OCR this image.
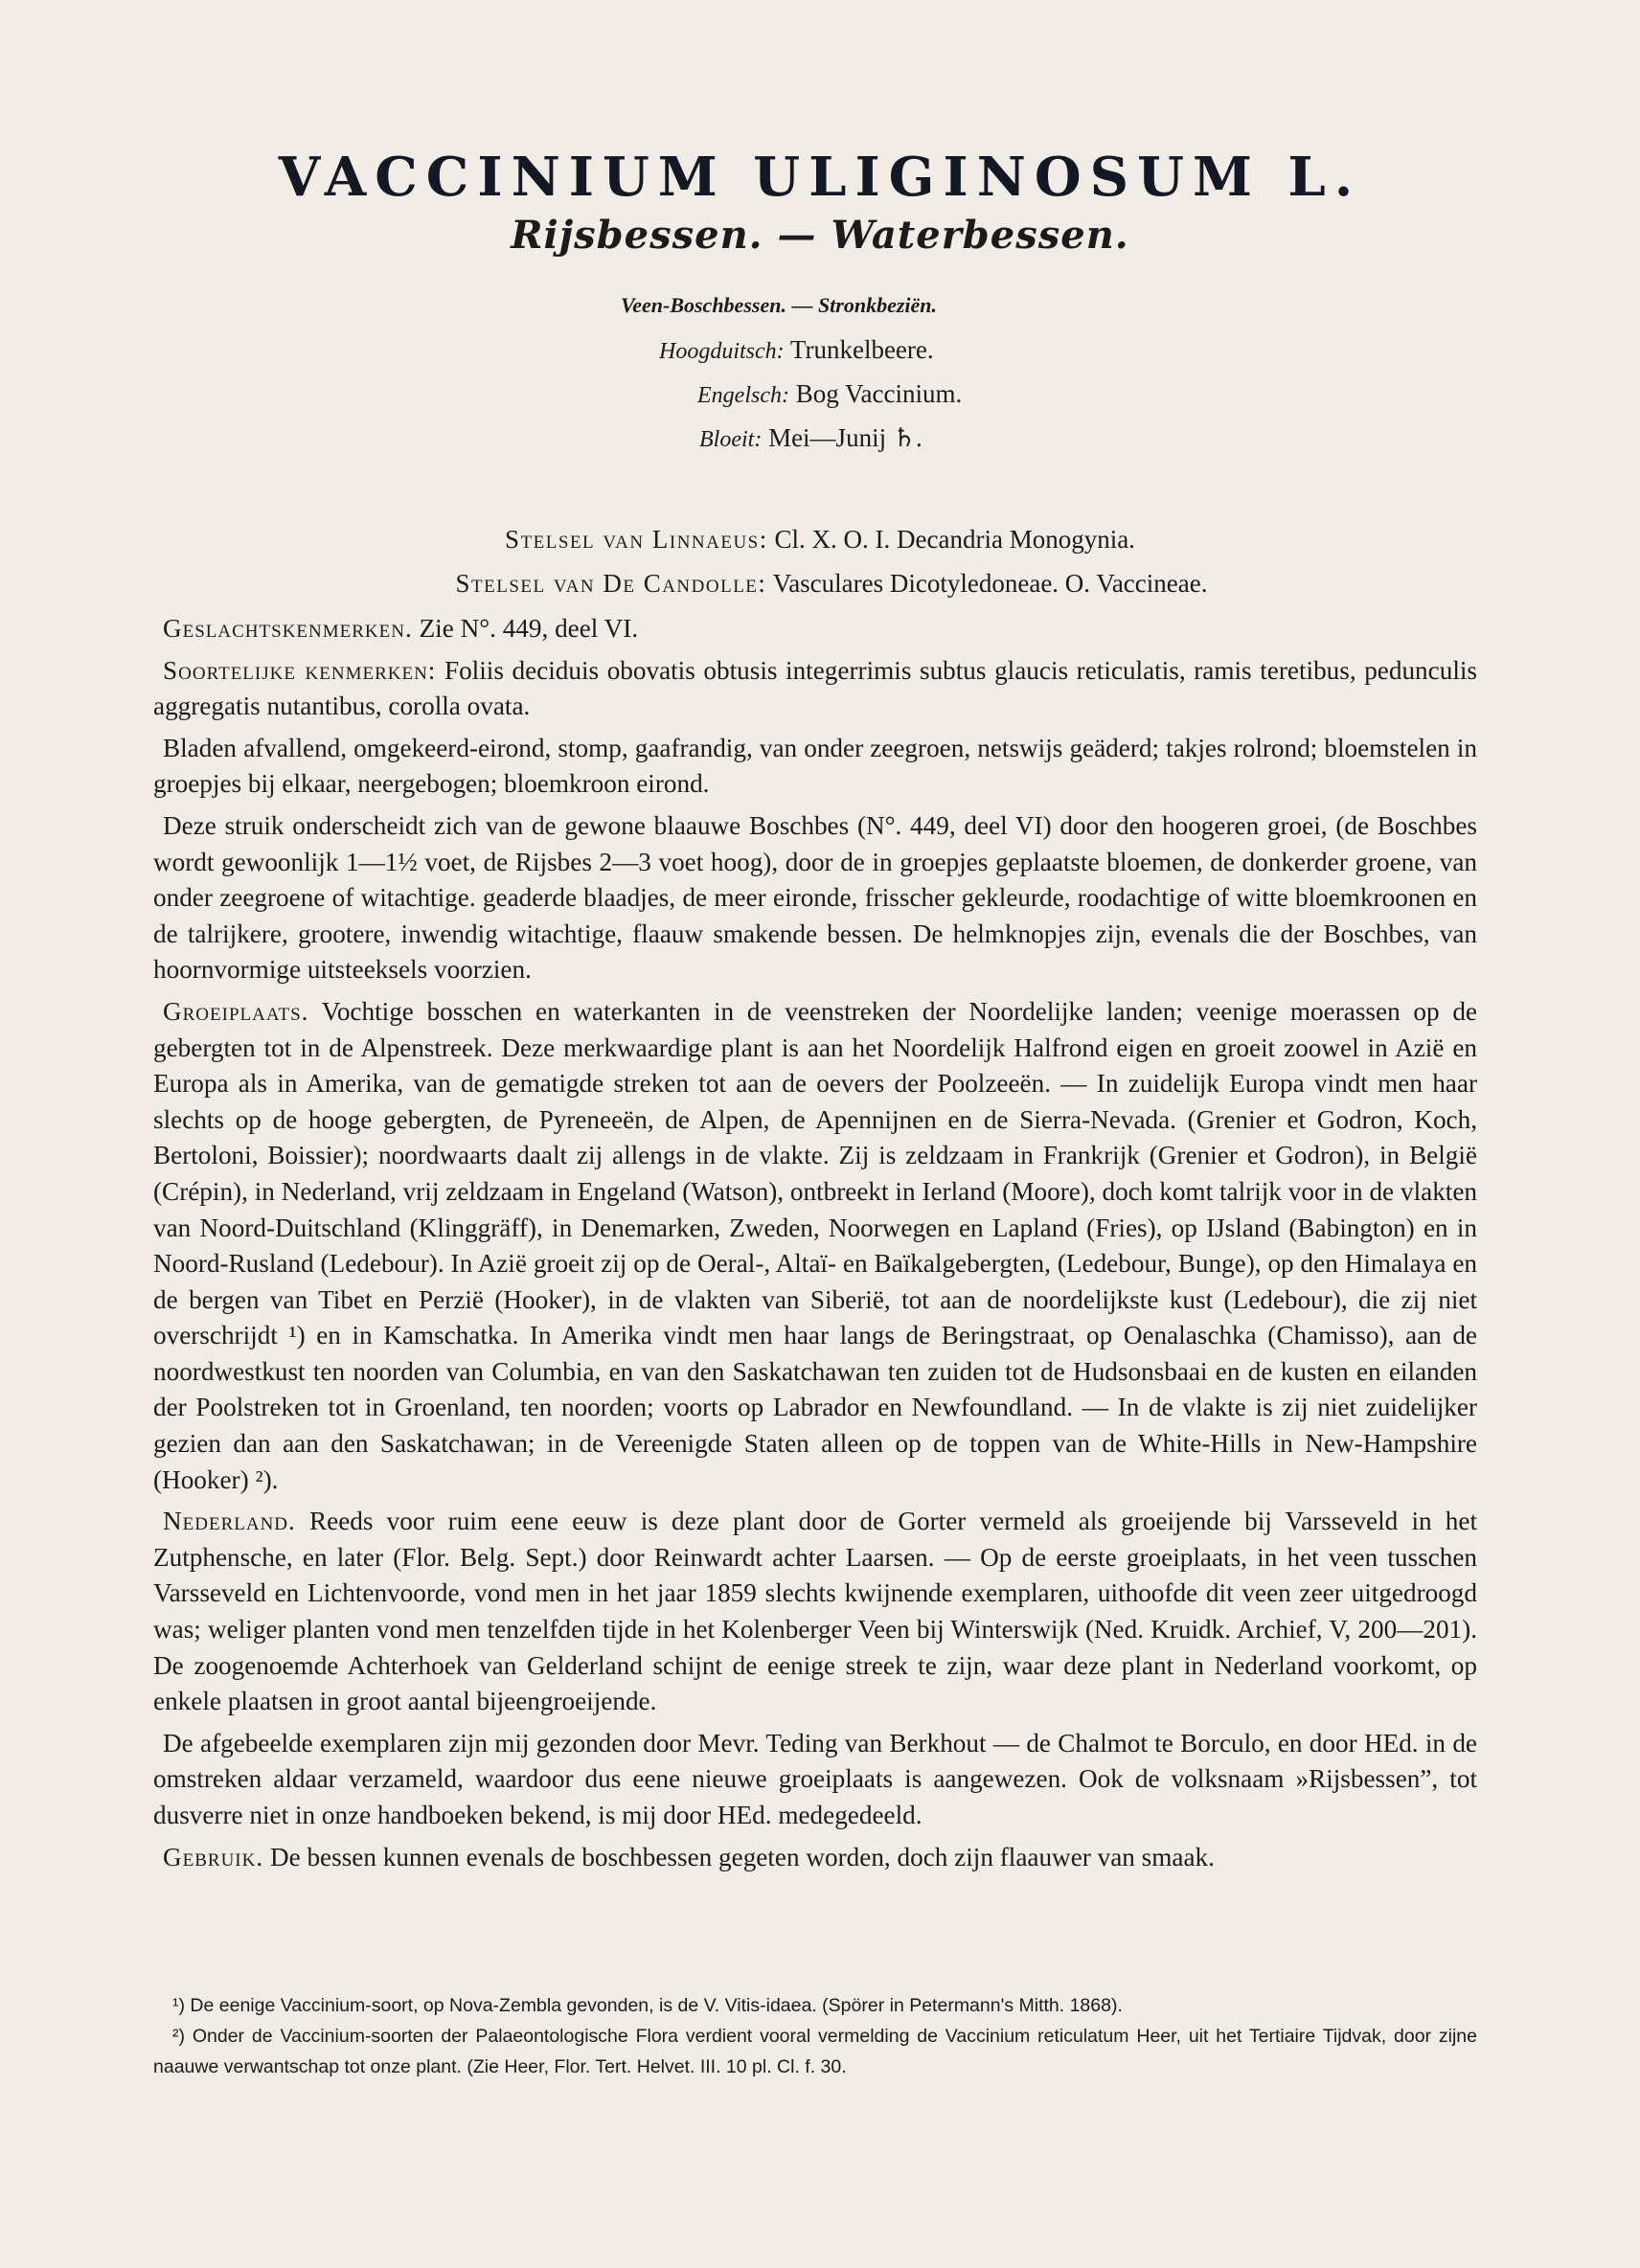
VACCINIUM ULIGINOSUM L.
Rijsbessen. — Waterbessen.
Veen-Boschbessen. — Stronkbeziën.
Hoogduitsch: Trunkelbeere.
Engelsch: Bog Vaccinium.
Bloeit: Mei—Junij ♄.
Stelsel van Linnaeus: Cl. X. O. I. Decandria Monogynia.
Stelsel van De Candolle: Vasculares Dicotyledoneae. O. Vaccineae.

Geslachtskenmerken. Zie N°. 449, deel VI.

Soortelijke kenmerken: Foliis deciduis obovatis obtusis integerrimis subtus glaucis reticulatis, ramis teretibus, pedunculis aggregatis nutantibus, corolla ovata.

Bladen afvallend, omgekeerd-eirond, stomp, gaafrandig, van onder zeegroen, netswijs geäderd; takjes rolrond; bloemstelen in groepjes bij elkaar, neergebogen; bloemkroon eirond.

Deze struik onderscheidt zich van de gewone blaauwe Boschbes (N°. 449, deel VI) door den hoogeren groei, (de Boschbes wordt gewoonlijk 1—1½ voet, de Rijsbes 2—3 voet hoog), door de in groepjes geplaatste bloemen, de donkerder groene, van onder zeegroene of witachtige. geaderde blaadjes, de meer eironde, frisscher gekleurde, roodachtige of witte bloemkroonen en de talrijkere, grootere, inwendig witachtige, flaauw smakende bessen. De helmknopjes zijn, evenals die der Boschbes, van hoornvormige uitsteeksels voorzien.

Groeiplaats. Vochtige bosschen en waterkanten in de veenstreken der Noordelijke landen; veenige moerassen op de gebergten tot in de Alpenstreek. Deze merkwaardige plant is aan het Noordelijk Halfrond eigen en groeit zoowel in Azië en Europa als in Amerika, van de gematigde streken tot aan de oevers der Poolzeeën. — In zuidelijk Europa vindt men haar slechts op de hooge gebergten, de Pyreneeën, de Alpen, de Apennijnen en de Sierra-Nevada. (Grenier et Godron, Koch, Bertoloni, Boissier); noordwaarts daalt zij allengs in de vlakte. Zij is zeldzaam in Frankrijk (Grenier et Godron), in België (Crépin), in Nederland, vrij zeldzaam in Engeland (Watson), ontbreekt in Ierland (Moore), doch komt talrijk voor in de vlakten van Noord-Duitschland (Klinggräff), in Denemarken, Zweden, Noorwegen en Lapland (Fries), op IJsland (Babington) en in Noord-Rusland (Ledebour). In Azië groeit zij op de Oeral-, Altaï- en Baïkalgebergten, (Ledebour, Bunge), op den Himalaya en de bergen van Tibet en Perzië (Hooker), in de vlakten van Siberië, tot aan de noordelijkste kust (Ledebour), die zij niet overschrijdt ¹) en in Kamschatka. In Amerika vindt men haar langs de Beringstraat, op Oenalaschka (Chamisso), aan de noordwestkust ten noorden van Columbia, en van den Saskatchawan ten zuiden tot de Hudsonsbaai en de kusten en eilanden der Poolstreken tot in Groenland, ten noorden; voorts op Labrador en Newfoundland. — In de vlakte is zij niet zuidelijker gezien dan aan den Saskatchawan; in de Vereenigde Staten alleen op de toppen van de White-Hills in New-Hampshire (Hooker) ²).

Nederland. Reeds voor ruim eene eeuw is deze plant door de Gorter vermeld als groeijende bij Varsseveld in het Zutphensche, en later (Flor. Belg. Sept.) door Reinwardt achter Laarsen. — Op de eerste groeiplaats, in het veen tusschen Varsseveld en Lichtenvoorde, vond men in het jaar 1859 slechts kwijnende exemplaren, uithoofde dit veen zeer uitgedroogd was; weliger planten vond men tenzelfden tijde in het Kolenberger Veen bij Winterswijk (Ned. Kruidk. Archief, V, 200—201). De zoogenoemde Achterhoek van Gelderland schijnt de eenige streek te zijn, waar deze plant in Nederland voorkomt, op enkele plaatsen in groot aantal bijeengroeijende.

De afgebeelde exemplaren zijn mij gezonden door Mevr. Teding van Berkhout — de Chalmot te Borculo, en door HEd. in de omstreken aldaar verzameld, waardoor dus eene nieuwe groeiplaats is aangewezen. Ook de volksnaam »Rijsbessen”, tot dusverre niet in onze handboeken bekend, is mij door HEd. medegedeeld.

Gebruik. De bessen kunnen evenals de boschbessen gegeten worden, doch zijn flaauwer van smaak.

¹) De eenige Vaccinium-soort, op Nova-Zembla gevonden, is de V. Vitis-idaea. (Spörer in Petermann's Mitth. 1868).

²) Onder de Vaccinium-soorten der Palaeontologische Flora verdient vooral vermelding de Vaccinium reticulatum Heer, uit het Tertiaire Tijdvak, door zijne naauwe verwantschap tot onze plant. (Zie Heer, Flor. Tert. Helvet. III. 10 pl. Cl. f. 30.
